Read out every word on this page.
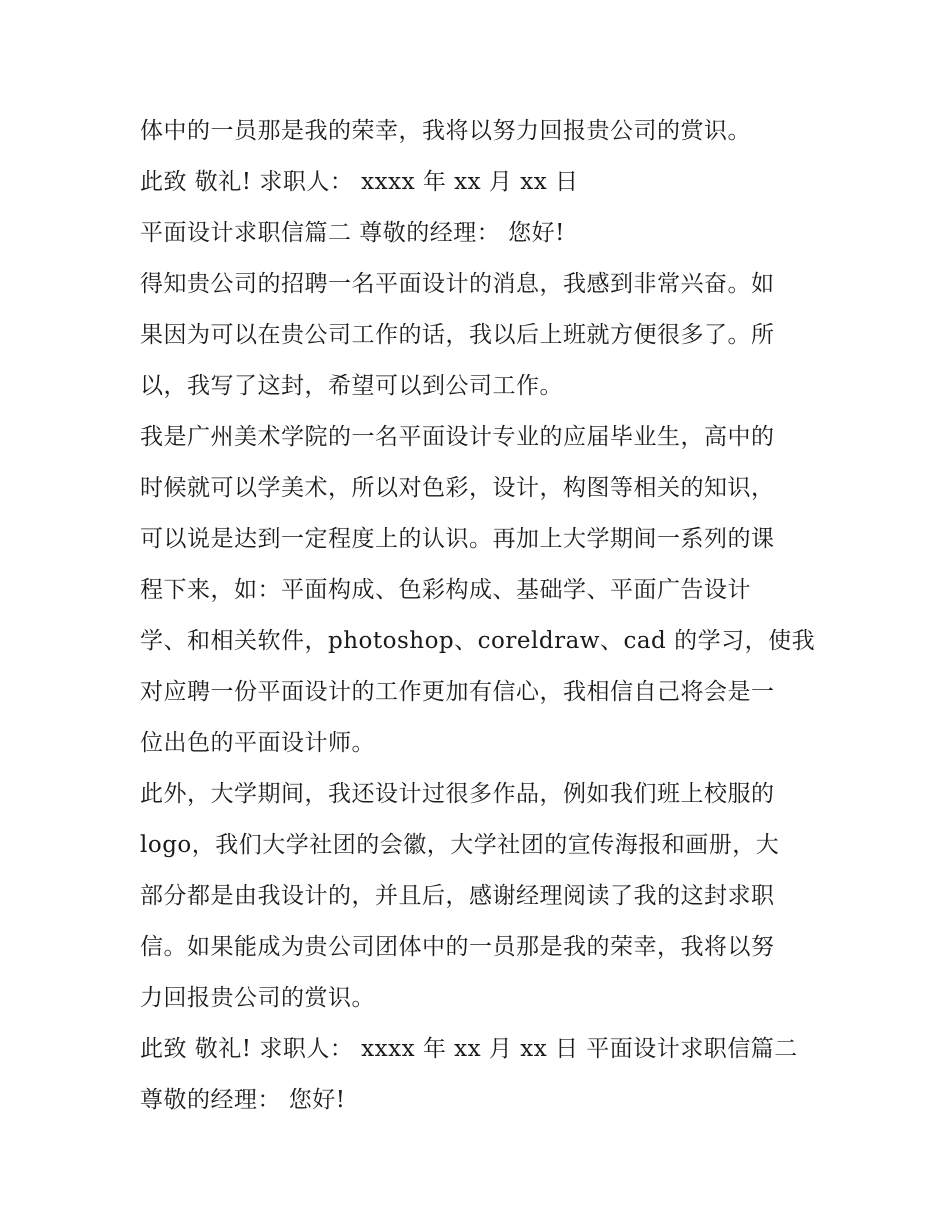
体中的一员那是我的荣幸，我将以努力回报贵公司的赏识。
此致 敬礼! 求职人： xxxx 年 xx 月 xx 日
平面设计求职信篇二 尊敬的经理： 您好!
得知贵公司的招聘一名平面设计的消息，我感到非常兴奋。如
果因为可以在贵公司工作的话，我以后上班就方便很多了。所
以，我写了这封，希望可以到公司工作。
我是广州美术学院的一名平面设计专业的应届毕业生，高中的
时候就可以学美术，所以对色彩，设计，构图等相关的知识，
可以说是达到一定程度上的认识。再加上大学期间一系列的课
程下来，如：平面构成、色彩构成、基础学、平面广告设计
学、和相关软件，photoshop、coreldraw、cad 的学习，使我
对应聘一份平面设计的工作更加有信心，我相信自己将会是一
位出色的平面设计师。
此外，大学期间，我还设计过很多作品，例如我们班上校服的
logo，我们大学社团的会徽，大学社团的宣传海报和画册，大
部分都是由我设计的，并且后，感谢经理阅读了我的这封求职
信。如果能成为贵公司团体中的一员那是我的荣幸，我将以努
力回报贵公司的赏识。
此致 敬礼! 求职人： xxxx 年 xx 月 xx 日 平面设计求职信篇二
尊敬的经理： 您好!
